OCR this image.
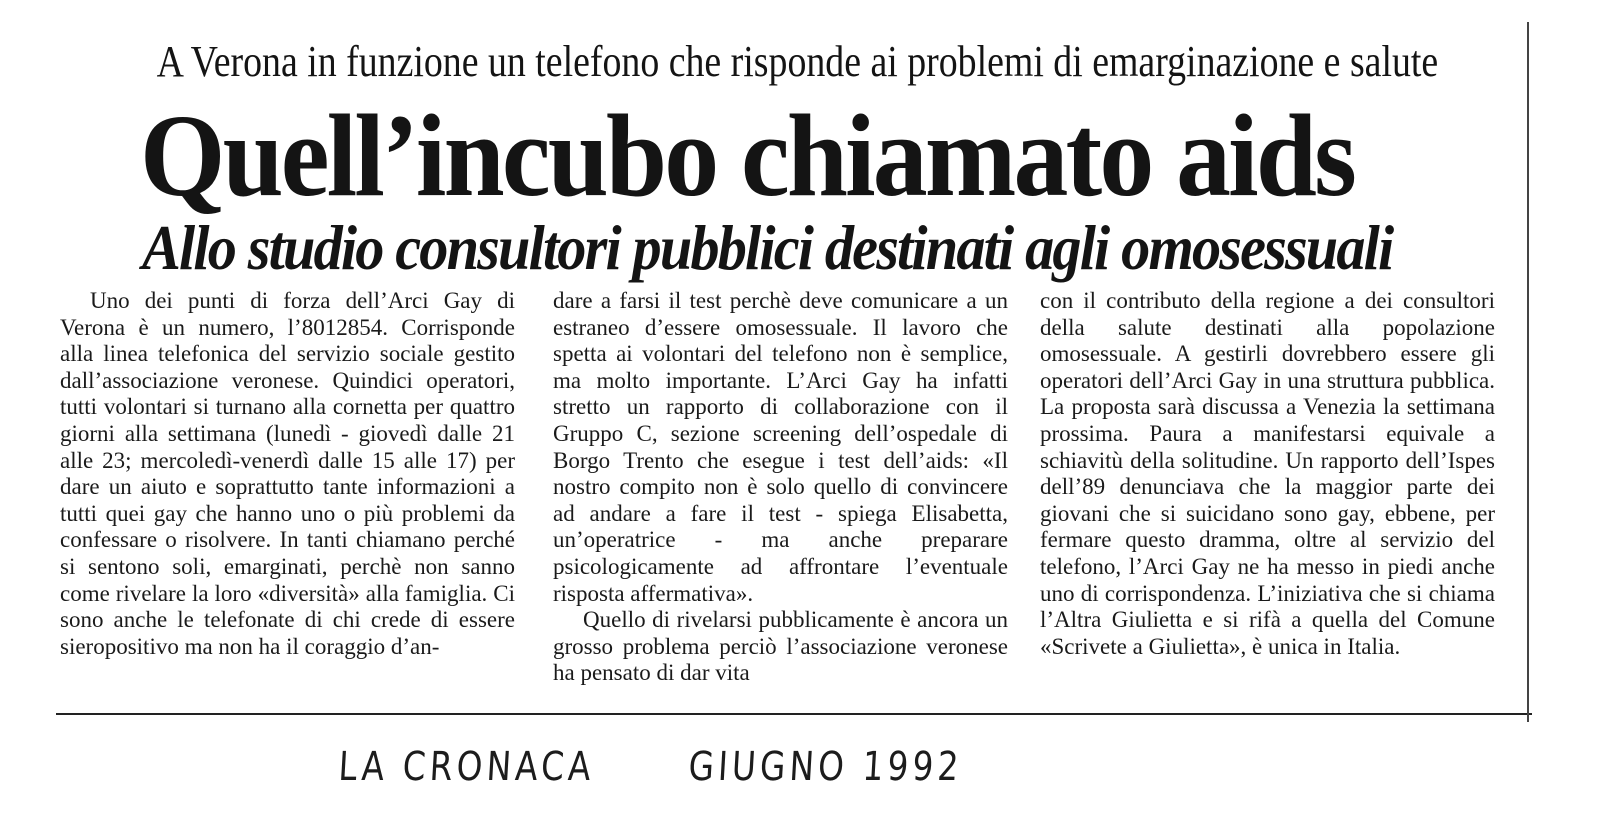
A Verona in funzione un telefono che risponde ai problemi di emarginazione e salute
Quell’incubo chiamato aids
Allo studio consultori pubblici destinati agli omosessuali

Uno dei punti di forza dell’Arci Gay di Verona è un numero, l’8012854. Corrisponde alla linea telefonica del servizio sociale gestito dall’associazione veronese. Quindici operatori, tutti volontari si turnano alla cornetta per quattro giorni alla settimana (lunedì - giovedì dalle 21 alle 23; mercoledì-venerdì dalle 15 alle 17) per dare un aiuto e soprattutto tante informazioni a tutti quei gay che hanno uno o più problemi da confessare o risolvere. In tanti chiamano perché si sentono soli, emarginati, perchè non sanno come rivelare la loro «diversità» alla famiglia. Ci sono anche le telefonate di chi crede di essere sieropositivo ma non ha il coraggio d’an-

dare a farsi il test perchè deve comunicare a un estraneo d’essere omosessuale. Il lavoro che spetta ai volontari del telefono non è semplice, ma molto importante. L’Arci Gay ha infatti stretto un rapporto di collaborazione con il Gruppo C, sezione screening dell’ospedale di Borgo Trento che esegue i test dell’aids: «Il nostro compito non è solo quello di convincere ad andare a fare il test - spiega Elisabetta, un’operatrice - ma anche preparare psicologicamente ad affrontare l’eventuale risposta affermativa».

Quello di rivelarsi pubblicamente è ancora un grosso problema perciò l’associazione veronese ha pensato di dar vita

con il contributo della regione a dei consultori della salute destinati alla popolazione omosessuale. A gestirli dovrebbero essere gli operatori dell’Arci Gay in una struttura pubblica. La proposta sarà discussa a Venezia la settimana prossima. Paura a manifestarsi equivale a schiavitù della solitudine. Un rapporto dell’Ispes dell’89 denunciava che la maggior parte dei giovani che si suicidano sono gay, ebbene, per fermare questo dramma, oltre al servizio del telefono, l’Arci Gay ne ha messo in piedi anche uno di corrispondenza. L’iniziativa che si chiama l’Altra Giulietta e si rifà a quella del Comune «Scrivete a Giulietta», è unica in Italia.

LA CRONACA GIUGNO 1992
